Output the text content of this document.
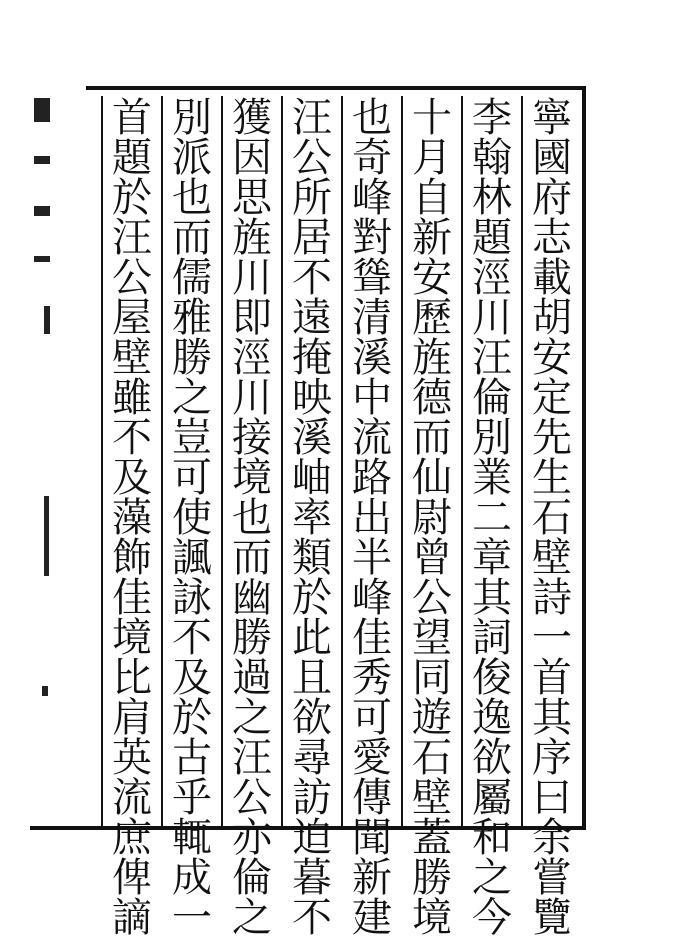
寧
國
府
志
載
胡
安
定
先
生
石
壁
詩
一
首
其
序
曰
余
嘗
覽
李
翰
林
題
涇
川
汪
倫
別
業
二
章
其
詞
俊
逸
欲
屬
和
之
今
十
月
自
新
安
歷
旌
德
而
仙
尉
曾
公
望
同
遊
石
壁
蓋
勝
境
也
奇
峰
對
聳
清
溪
中
流
路
出
半
峰
佳
秀
可
愛
傳
聞
新
建
汪
公
所
居
不
遠
掩
映
溪
岫
率
類
於
此
且
欲
尋
訪
迫
暮
不
獲
因
思
旌
川
即
涇
川
接
境
也
而
幽
勝
過
之
汪
公
亦
倫
之
別
派
也
而
儒
雅
勝
之
豈
可
使
諷
詠
不
及
於
古
乎
輒
成
一
首
題
於
汪
公
屋
壁
雖
不
及
藻
飾
佳
境
比
肩
英
流
庶
俾
謫
